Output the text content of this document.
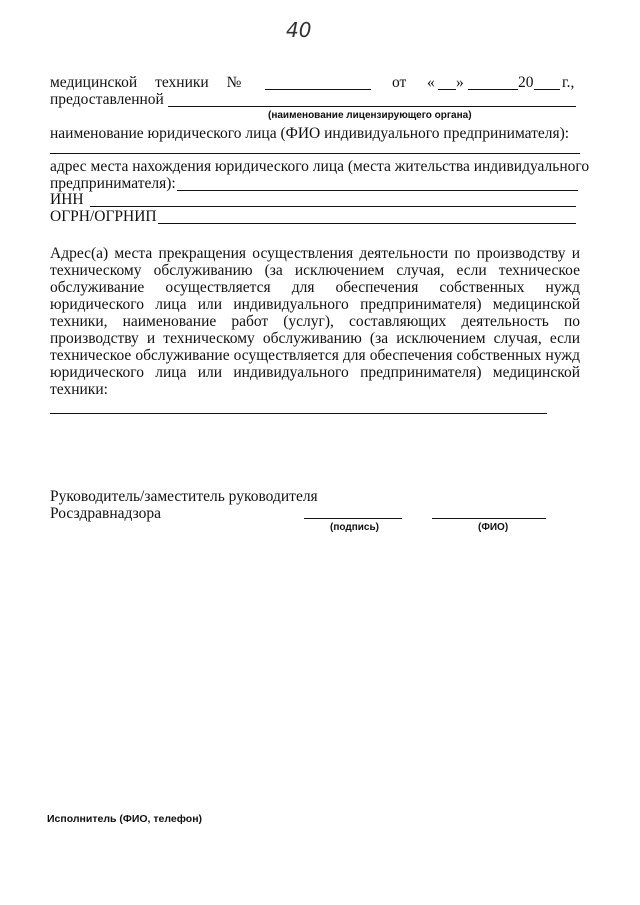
40
медицинской техники №	от « »	20 г.,
предоставленной
(наименование лицензирующего органа)
наименование юридического лица (ФИО индивидуального предпринимателя):
адрес места нахождения юридического лица (места жительства индивидуального
предпринимателя):
ИНН
ОГРН/ОГРНИП
Адрес(а) места прекращения осуществления деятельности по производству и
техническому обслуживанию (за исключением случая, если техническое
обслуживание осуществляется для обеспечения собственных нужд
юридического лица или индивидуального предпринимателя) медицинской
техники, наименование работ (услуг), составляющих деятельность по
производству и техническому обслуживанию (за исключением случая, если
техническое обслуживание осуществляется для обеспечения собственных нужд
юридического лица или индивидуального предпринимателя) медицинской
техники:
Руководитель/заместитель руководителя
Росздравнадзора
(подпись)	(ФИО)
Исполнитель (ФИО, телефон)
